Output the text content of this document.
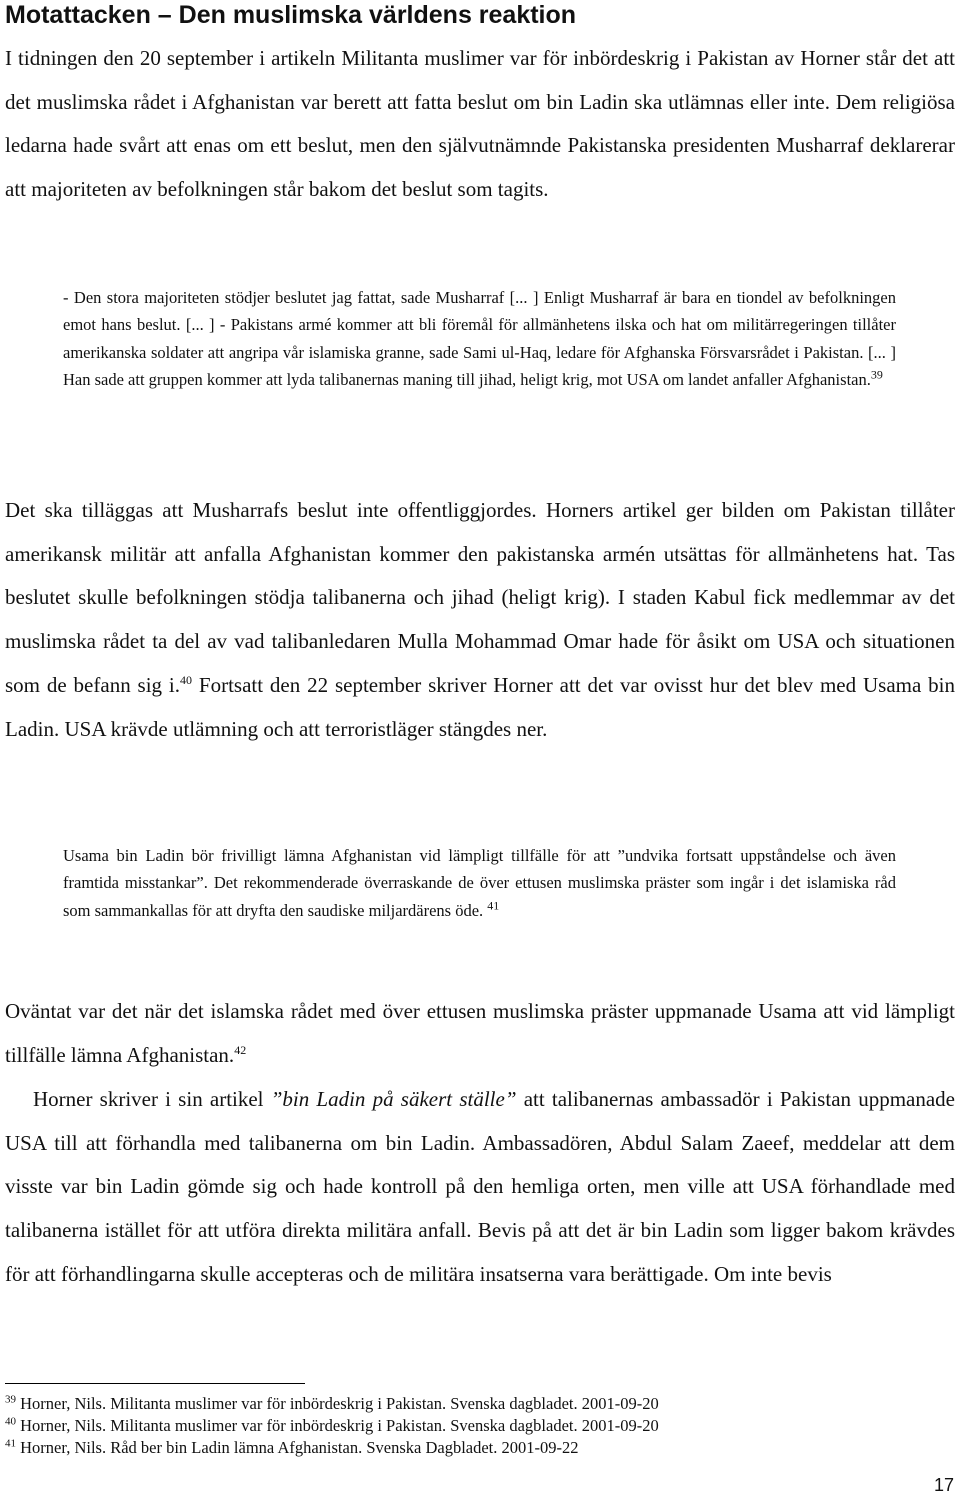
Motattacken – Den muslimska världens reaktion

I tidningen den 20 september i artikeln Militanta muslimer var för inbördeskrig i Pakistan av Horner står det att det muslimska rådet i Afghanistan var berett att fatta beslut om bin Ladin ska utlämnas eller inte. Dem religiösa ledarna hade svårt att enas om ett beslut, men den självutnämnde Pakistanska presidenten Musharraf deklarerar att majoriteten av befolkningen står bakom det beslut som tagits.

- Den stora majoriteten stödjer beslutet jag fattat, sade Musharraf [... ] Enligt Musharraf är bara en tiondel av befolkningen emot hans beslut. [... ] - Pakistans armé kommer att bli föremål för allmänhetens ilska och hat om militärregeringen tillåter amerikanska soldater att angripa vår islamiska granne, sade Sami ul-Haq, ledare för Afghanska Försvarsrådet i Pakistan. [... ] Han sade att gruppen kommer att lyda talibanernas maning till jihad, heligt krig, mot USA om landet anfaller Afghanistan.$^{39}$

Det ska tilläggas att Musharrafs beslut inte offentliggjordes. Horners artikel ger bilden om Pakistan tillåter amerikansk militär att anfalla Afghanistan kommer den pakistanska armén utsättas för allmänhetens hat. Tas beslutet skulle befolkningen stödja talibanerna och jihad (heligt krig). I staden Kabul fick medlemmar av det muslimska rådet ta del av vad talibanledaren Mulla Mohammad Omar hade för åsikt om USA och situationen som de befann sig i.$^{40}$ Fortsatt den 22 september skriver Horner att det var ovisst hur det blev med Usama bin Ladin. USA krävde utlämning och att terroristläger stängdes ner.

Usama bin Ladin bör frivilligt lämna Afghanistan vid lämpligt tillfälle för att ”undvika fortsatt uppståndelse och även framtida misstankar”. Det rekommenderade överraskande de över ettusen muslimska präster som ingår i det islamiska råd som sammankallas för att dryfta den saudiske miljardärens öde. $^{41}$

Oväntat var det när det islamska rådet med över ettusen muslimska präster uppmanade Usama att vid lämpligt tillfälle lämna Afghanistan.$^{42}$

Horner skriver i sin artikel ”bin Ladin på säkert ställe” att talibanernas ambassadör i Pakistan uppmanade USA till att förhandla med talibanerna om bin Ladin. Ambassadören, Abdul Salam Zaeef, meddelar att dem visste var bin Ladin gömde sig och hade kontroll på den hemliga orten, men ville att USA förhandlade med talibanerna istället för att utföra direkta militära anfall. Bevis på att det är bin Ladin som ligger bakom krävdes för att förhandlingarna skulle accepteras och de militära insatserna vara berättigade. Om inte bevis

$^{39}$ Horner, Nils. Militanta muslimer var för inbördeskrig i Pakistan. Svenska dagbladet. 2001-09-20
$^{40}$ Horner, Nils. Militanta muslimer var för inbördeskrig i Pakistan. Svenska dagbladet. 2001-09-20
$^{41}$ Horner, Nils. Råd ber bin Ladin lämna Afghanistan. Svenska Dagbladet. 2001-09-22
17
